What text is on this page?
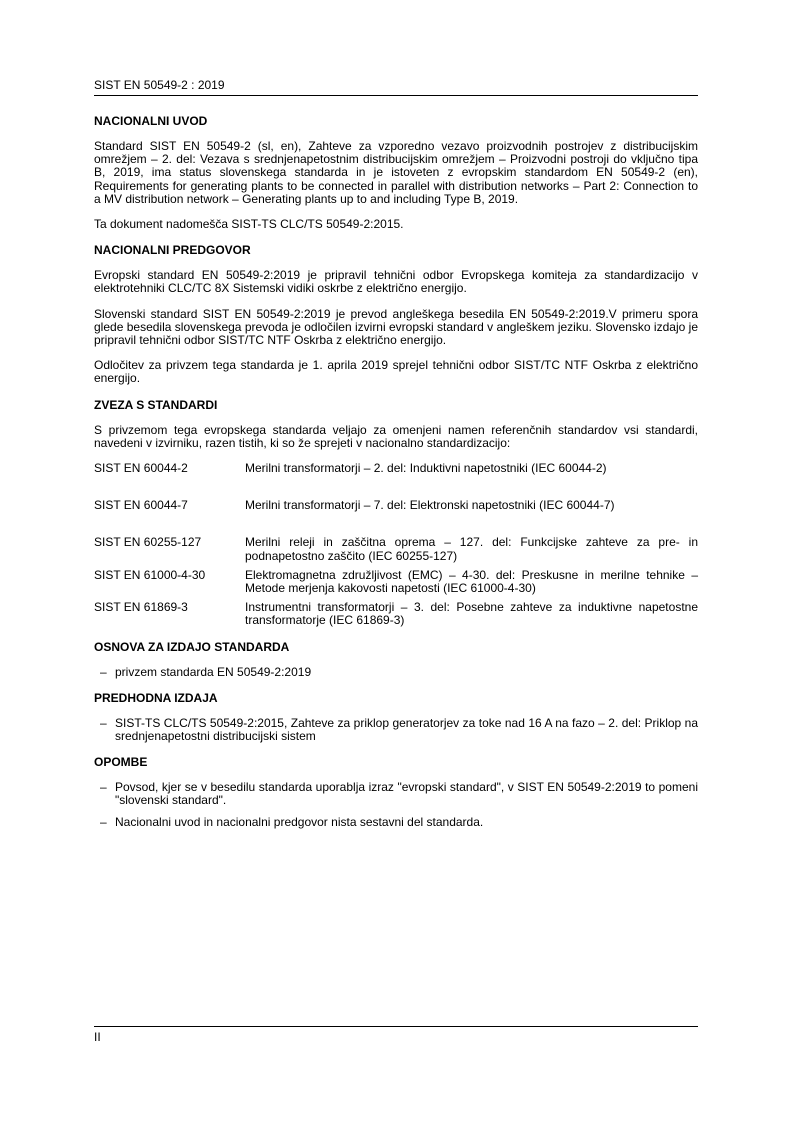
SIST EN 50549-2 : 2019
NACIONALNI UVOD

Standard SIST EN 50549-2 (sl, en), Zahteve za vzporedno vezavo proizvodnih postrojev z distribucijskim omrežjem – 2. del: Vezava s srednjenapetostnim distribucijskim omrežjem – Proizvodni postroji do vključno tipa B, 2019, ima status slovenskega standarda in je istoveten z evropskim standardom EN 50549-2 (en), Requirements for generating plants to be connected in parallel with distribution networks – Part 2: Connection to a MV distribution network – Generating plants up to and including Type B, 2019.

Ta dokument nadomešča SIST-TS CLC/TS 50549-2:2015.

NACIONALNI PREDGOVOR

Evropski standard EN 50549-2:2019 je pripravil tehnični odbor Evropskega komiteja za standardizacijo v elektrotehniki CLC/TC 8X Sistemski vidiki oskrbe z električno energijo.

Slovenski standard SIST EN 50549-2:2019 je prevod angleškega besedila EN 50549-2:2019.V primeru spora glede besedila slovenskega prevoda je odločilen izvirni evropski standard v angleškem jeziku. Slovensko izdajo je pripravil tehnični odbor SIST/TC NTF Oskrba z električno energijo.

Odločitev za privzem tega standarda je 1. aprila 2019 sprejel tehnični odbor SIST/TC NTF Oskrba z električno energijo.

ZVEZA S STANDARDI

S privzemom tega evropskega standarda veljajo za omenjeni namen referenčnih standardov vsi standardi, navedeni v izvirniku, razen tistih, ki so že sprejeti v nacionalno standardizacijo:

SIST EN 60044-2	Merilni transformatorji – 2. del: Induktivni napetostniki (IEC 60044-2)
SIST EN 60044-7	Merilni transformatorji – 7. del: Elektronski napetostniki (IEC 60044-7)
SIST EN 60255-127	Merilni releji in zaščitna oprema – 127. del: Funkcijske zahteve za pre- in podnapetostno zaščito (IEC 60255-127)
SIST EN 61000-4-30	Elektromagnetna združljivost (EMC) – 4-30. del: Preskusne in merilne tehnike – Metode merjenja kakovosti napetosti (IEC 61000-4-30)
SIST EN 61869-3	Instrumentni transformatorji – 3. del: Posebne zahteve za induktivne napetostne transformatorje (IEC 61869-3)
OSNOVA ZA IZDAJO STANDARDA
– privzem standarda EN 50549-2:2019
PREDHODNA IZDAJA
– SIST-TS CLC/TS 50549-2:2015, Zahteve za priklop generatorjev za toke nad 16 A na fazo – 2. del: Priklop na srednjenapetostni distribucijski sistem
OPOMBE
– Povsod, kjer se v besedilu standarda uporablja izraz "evropski standard", v SIST EN 50549-2:2019 to pomeni "slovenski standard".
– Nacionalni uvod in nacionalni predgovor nista sestavni del standarda.
II
